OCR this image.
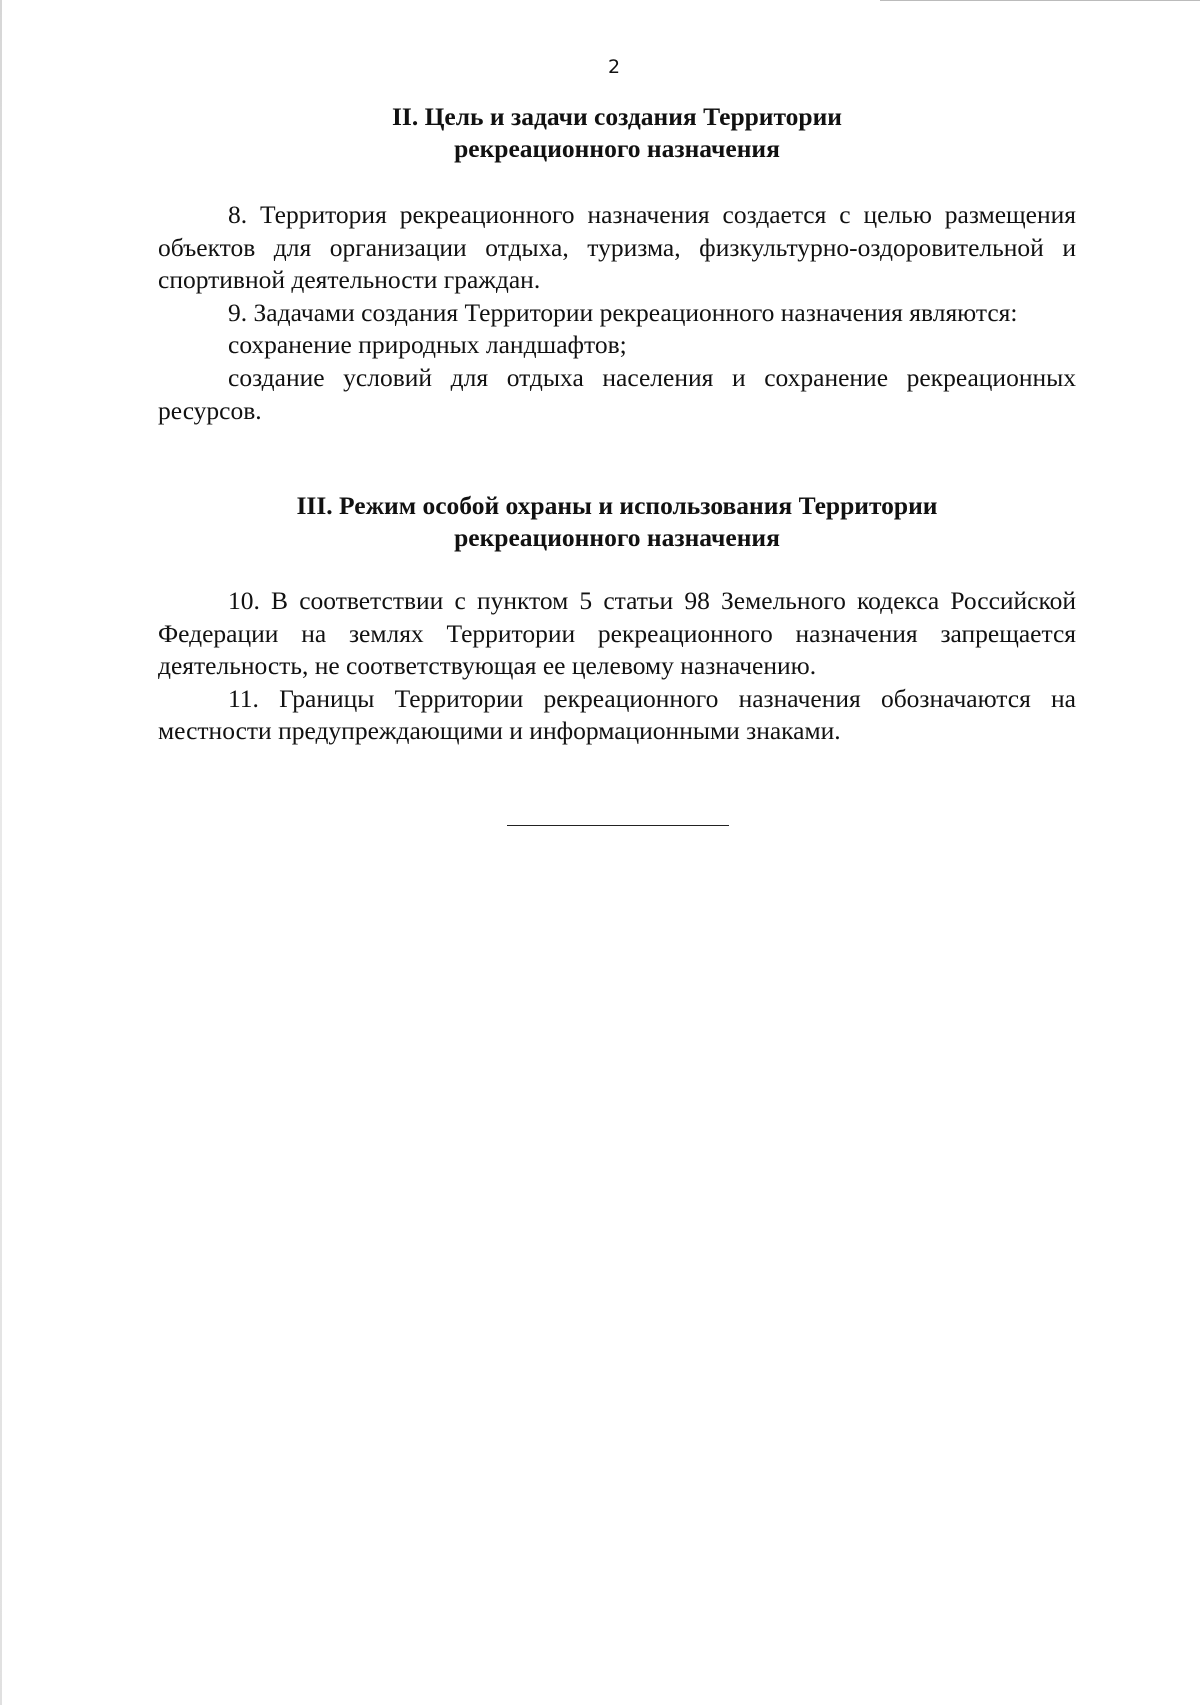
2
II. Цель и задачи создания Территории
рекреационного назначения

8. Территория рекреационного назначения создается с целью размещения объектов для организации отдыха, туризма, физкультурно-оздоровительной и спортивной деятельности граждан.

9. Задачами создания Территории рекреационного назначения являются:

сохранение природных ландшафтов;

создание условий для отдыха населения и сохранение рекреационных ресурсов.

III. Режим особой охраны и использования Территории
рекреационного назначения

10. В соответствии с пунктом 5 статьи 98 Земельного кодекса Российской Федерации на землях Территории рекреационного назначения запрещается деятельность, не соответствующая ее целевому назначению.

11. Границы Территории рекреационного назначения обозначаются на местности предупреждающими и информационными знаками.
